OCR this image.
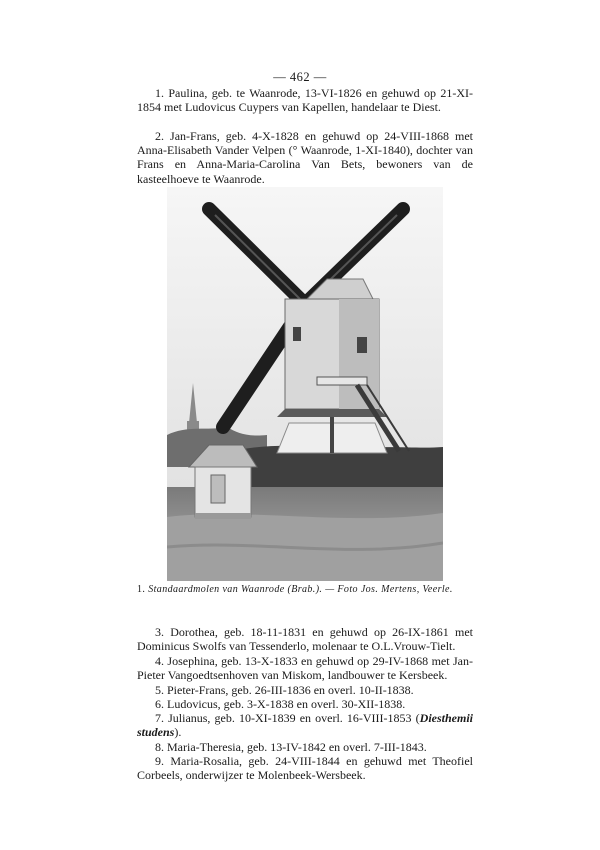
— 462 —

1. Paulina, geb. te Waanrode, 13-VI-1826 en gehuwd op 21-XI-1854 met Ludovicus Cuypers van Kapellen, handelaar te Diest.

2. Jan-Frans, geb. 4-X-1828 en gehuwd op 24-VIII-1868 met Anna-Elisabeth Vander Velpen (° Waanrode, 1-XI-1840), dochter van Frans en Anna-Maria-Carolina Van Bets, bewoners van de kasteelhoeve te Waanrode.

1. Standaardmolen van Waanrode (Brab.). — Foto Jos. Mertens, Veerle.

3. Dorothea, geb. 18-11-1831 en gehuwd op 26-IX-1861 met Dominicus Swolfs van Tessenderlo, molenaar te O.L.Vrouw-Tielt.

4. Josephina, geb. 13-X-1833 en gehuwd op 29-IV-1868 met Jan-Pieter Vangoedtsenhoven van Miskom, landbouwer te Kersbeek.

5. Pieter-Frans, geb. 26-III-1836 en overl. 10-II-1838.

6. Ludovicus, geb. 3-X-1838 en overl. 30-XII-1838.

7. Julianus, geb. 10-XI-1839 en overl. 16-VIII-1853 (Diesthemii studens).

8. Maria-Theresia, geb. 13-IV-1842 en overl. 7-III-1843.

9. Maria-Rosalia, geb. 24-VIII-1844 en gehuwd met Theofiel Corbeels, onderwijzer te Molenbeek-Wersbeek.
